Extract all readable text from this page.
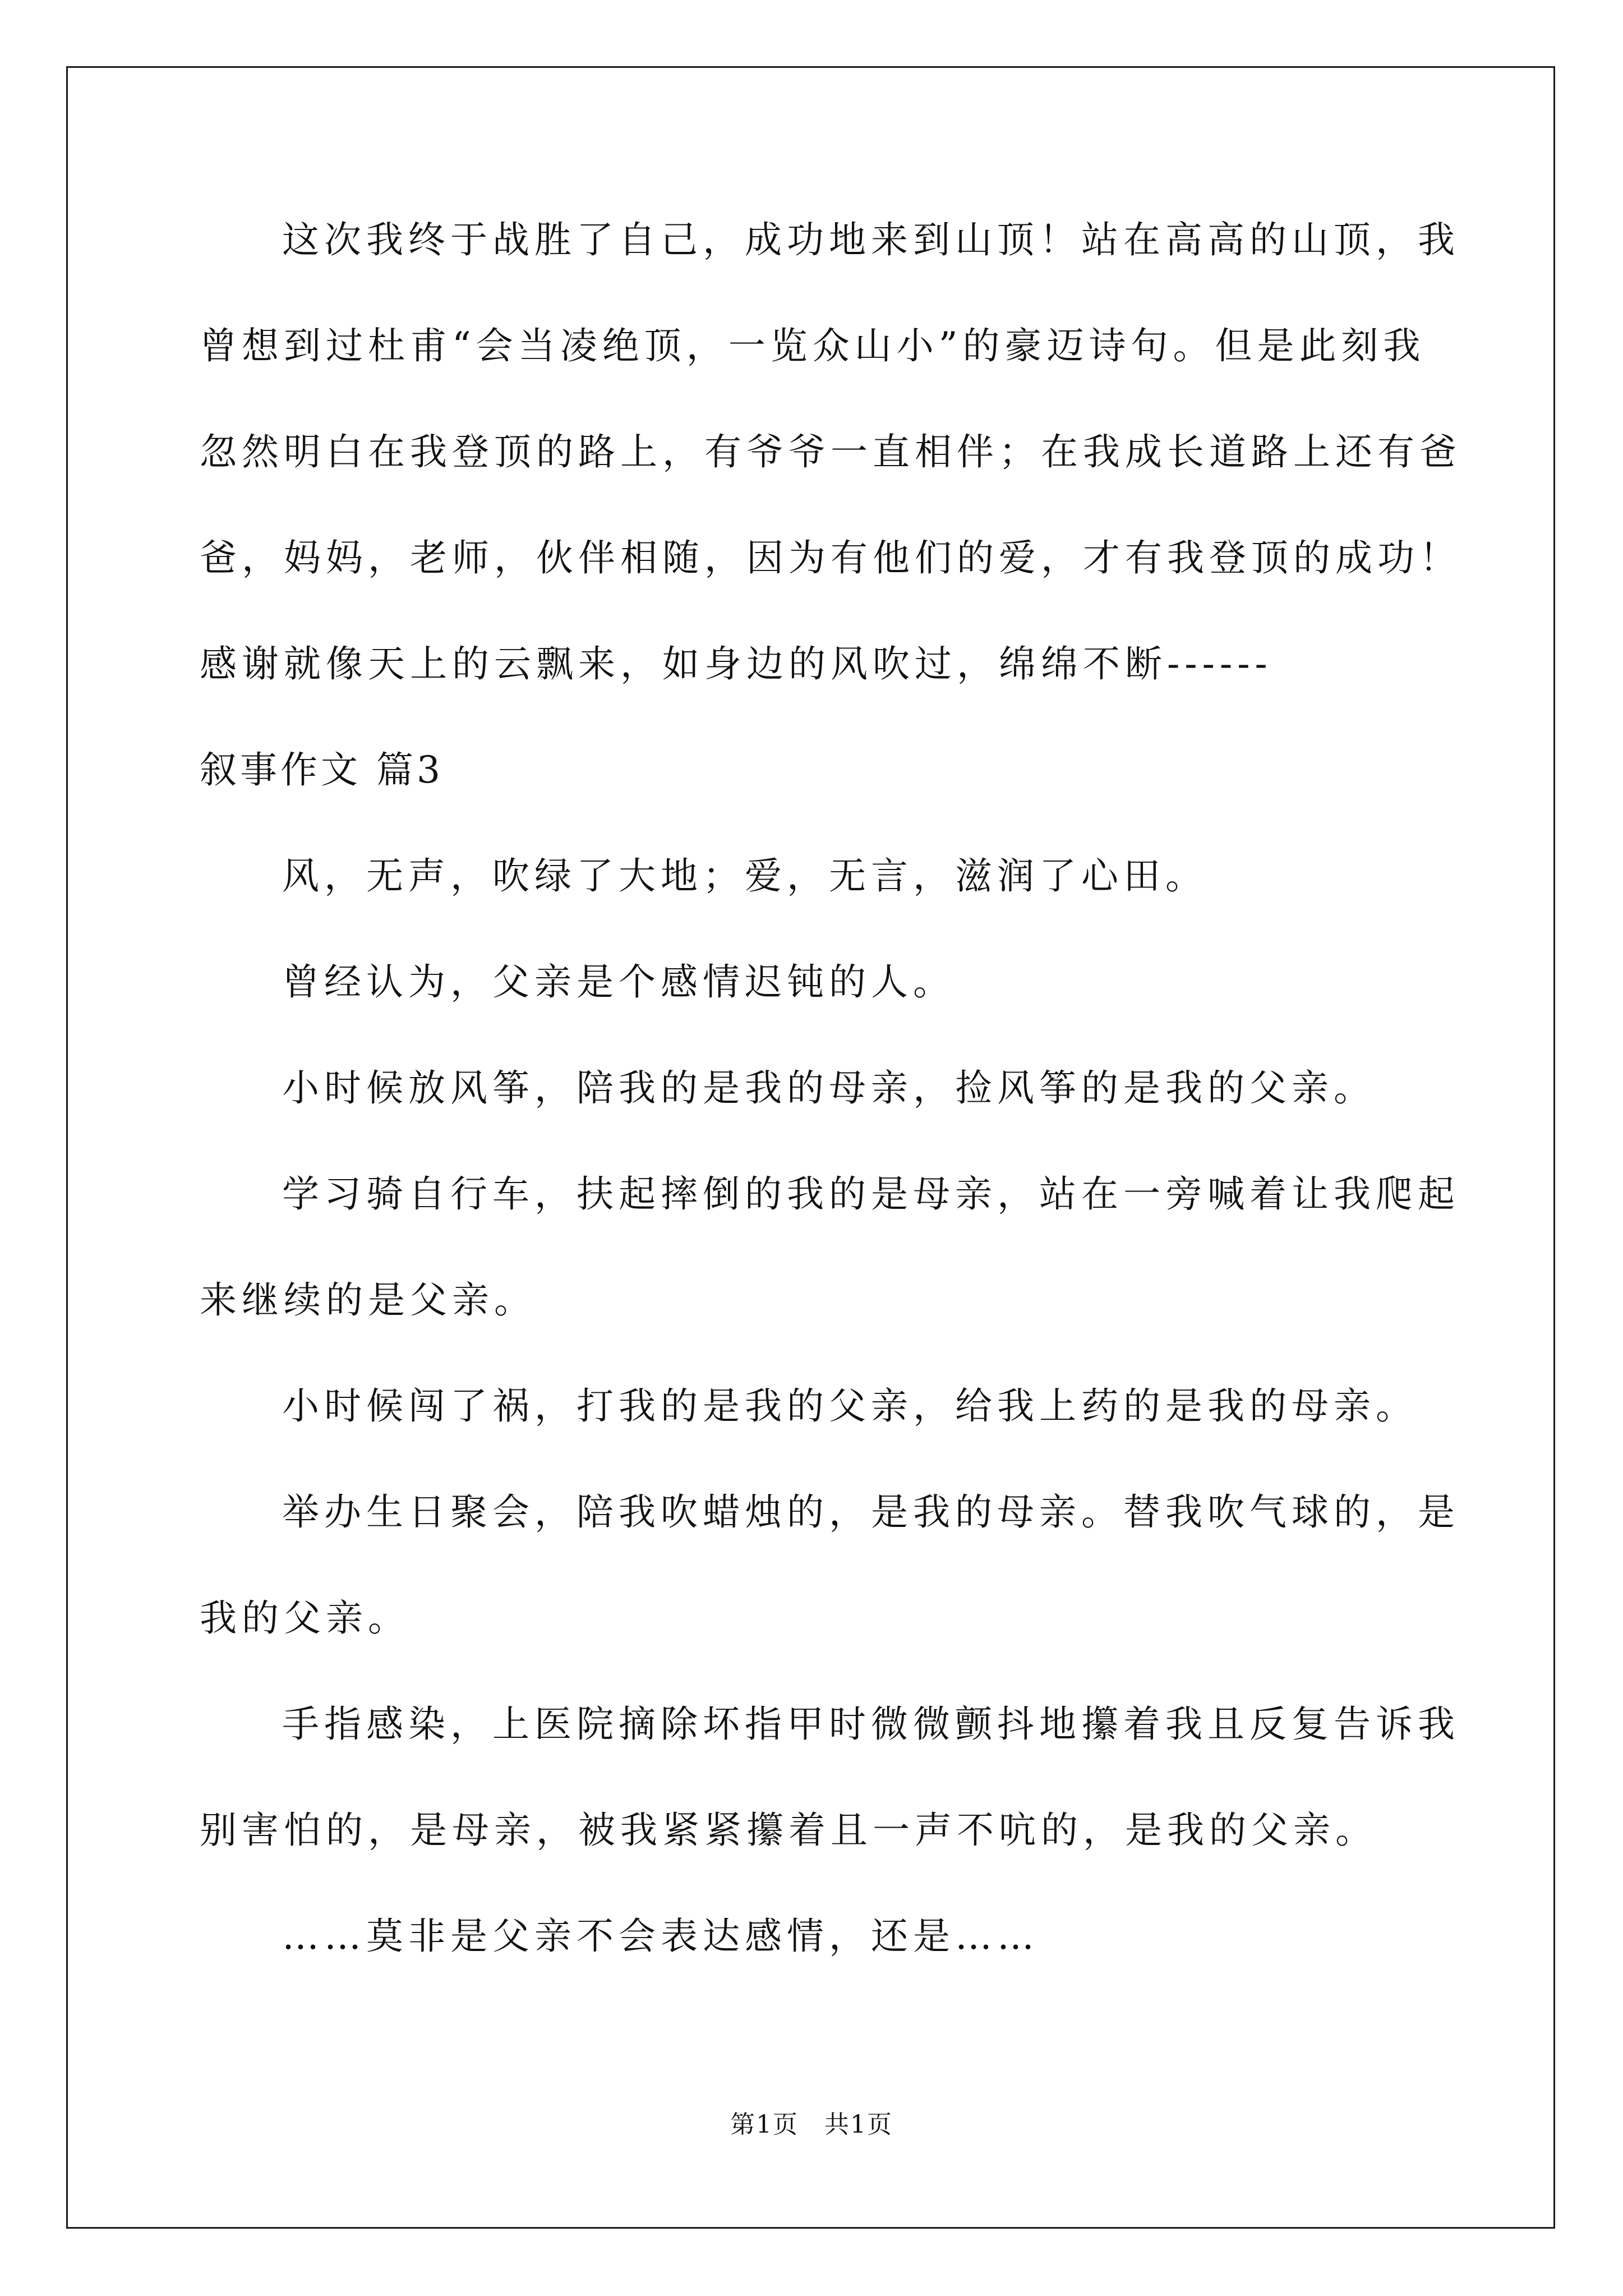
这次我终于战胜了自己，成功地来到山顶！站在高高的山顶，我
曾想到过杜甫“会当凌绝顶，一览众山小”的豪迈诗句。但是此刻我
忽然明白在我登顶的路上，有爷爷一直相伴；在我成长道路上还有爸
爸，妈妈，老师，伙伴相随，因为有他们的爱，才有我登顶的成功！
感谢就像天上的云飘来，如身边的风吹过，绵绵不断------
叙事作文 篇3
风，无声，吹绿了大地；爱，无言，滋润了心田。
曾经认为，父亲是个感情迟钝的人。
小时候放风筝，陪我的是我的母亲，捡风筝的是我的父亲。
学习骑自行车，扶起摔倒的我的是母亲，站在一旁喊着让我爬起
来继续的是父亲。
小时候闯了祸，打我的是我的父亲，给我上药的是我的母亲。
举办生日聚会，陪我吹蜡烛的，是我的母亲。替我吹气球的，是
我的父亲。
手指感染，上医院摘除坏指甲时微微颤抖地攥着我且反复告诉我
别害怕的，是母亲，被我紧紧攥着且一声不吭的，是我的父亲。
……莫非是父亲不会表达感情，还是……
第1页　共1页
